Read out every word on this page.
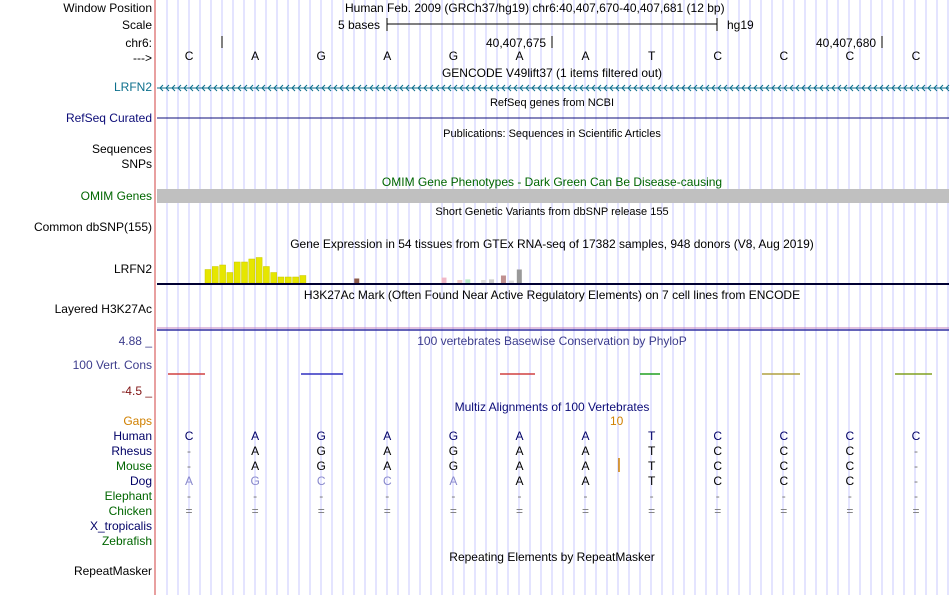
Window Position	Human Feb. 2009 (GRCh37/hg19) chr6:40,407,670-40,407,681 (12 bp)
Scale	5 bases	hg19
chr6:	40,407,675	40,407,680
--->	C	A	G	A	G	A	A	T	C	C	C	C
GENCODE V49lift37 (1 items filtered out)
LRFN2
RefSeq genes from NCBI
RefSeq Curated
Publications: Sequences in Scientific Articles
Sequences
SNPs
OMIM Gene Phenotypes - Dark Green Can Be Disease-causing
OMIM Genes
Short Genetic Variants from dbSNP release 155
Common dbSNP(155)
Gene Expression in 54 tissues from GTEx RNA-seq of 17382 samples, 948 donors (V8, Aug 2019)
LRFN2
H3K27Ac Mark (Often Found Near Active Regulatory Elements) on 7 cell lines from ENCODE
Layered H3K27Ac
100 vertebrates Basewise Conservation by PhyloP
4.88 _
100 Vert. Cons
-4.5 _
Multiz Alignments of 100 Vertebrates
Gaps	10
Human	C	A	G	A	G	A	A	T	C	C	C	C
Rhesus	-	A	G	A	G	A	A	T	C	C	C	-
Mouse	-	A	G	A	G	A	A	T	C	C	C	-
Dog	A	G	C	C	A	A	A	T	C	C	C	-
Elephant	-	-	-	-	-	-	-	-	-	-	-	-
Chicken	=	=	=	=	=	=	=	=	=	=	=	=
X_tropicalis
Zebrafish
Repeating Elements by RepeatMasker
RepeatMasker
